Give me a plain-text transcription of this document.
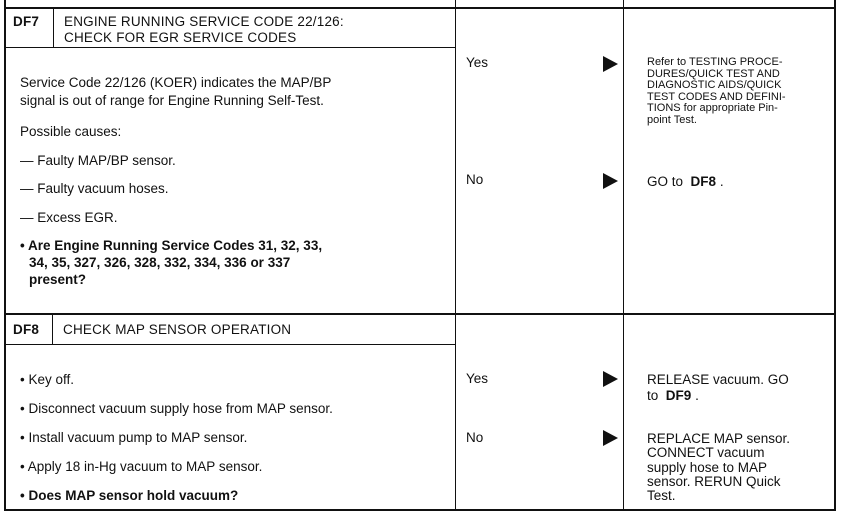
DF7 ENGINE RUNNING SERVICE CODE 22/126:
CHECK FOR EGR SERVICE CODES
Service Code 22/126 (KOER) indicates the MAP/BP
signal is out of range for Engine Running Self-Test.
Possible causes:
— Faulty MAP/BP sensor.
— Faulty vacuum hoses.
— Excess EGR.
• Are Engine Running Service Codes 31, 32, 33,
34, 35, 327, 326, 328, 332, 334, 336 or 337
present?
Yes	Refer to TESTING PROCE-
DURES/QUICK TEST AND
DIAGNOSTIC AIDS/QUICK
TEST CODES AND DEFINI-
TIONS for appropriate Pin-
point Test.
No	GO to DF8 .
DF8 CHECK MAP SENSOR OPERATION
• Key off.
• Disconnect vacuum supply hose from MAP sensor.
• Install vacuum pump to MAP sensor.
• Apply 18 in-Hg vacuum to MAP sensor.
• Does MAP sensor hold vacuum?
Yes	RELEASE vacuum. GO
to DF9 .
No	REPLACE MAP sensor.
CONNECT vacuum
supply hose to MAP
sensor. RERUN Quick
Test.
